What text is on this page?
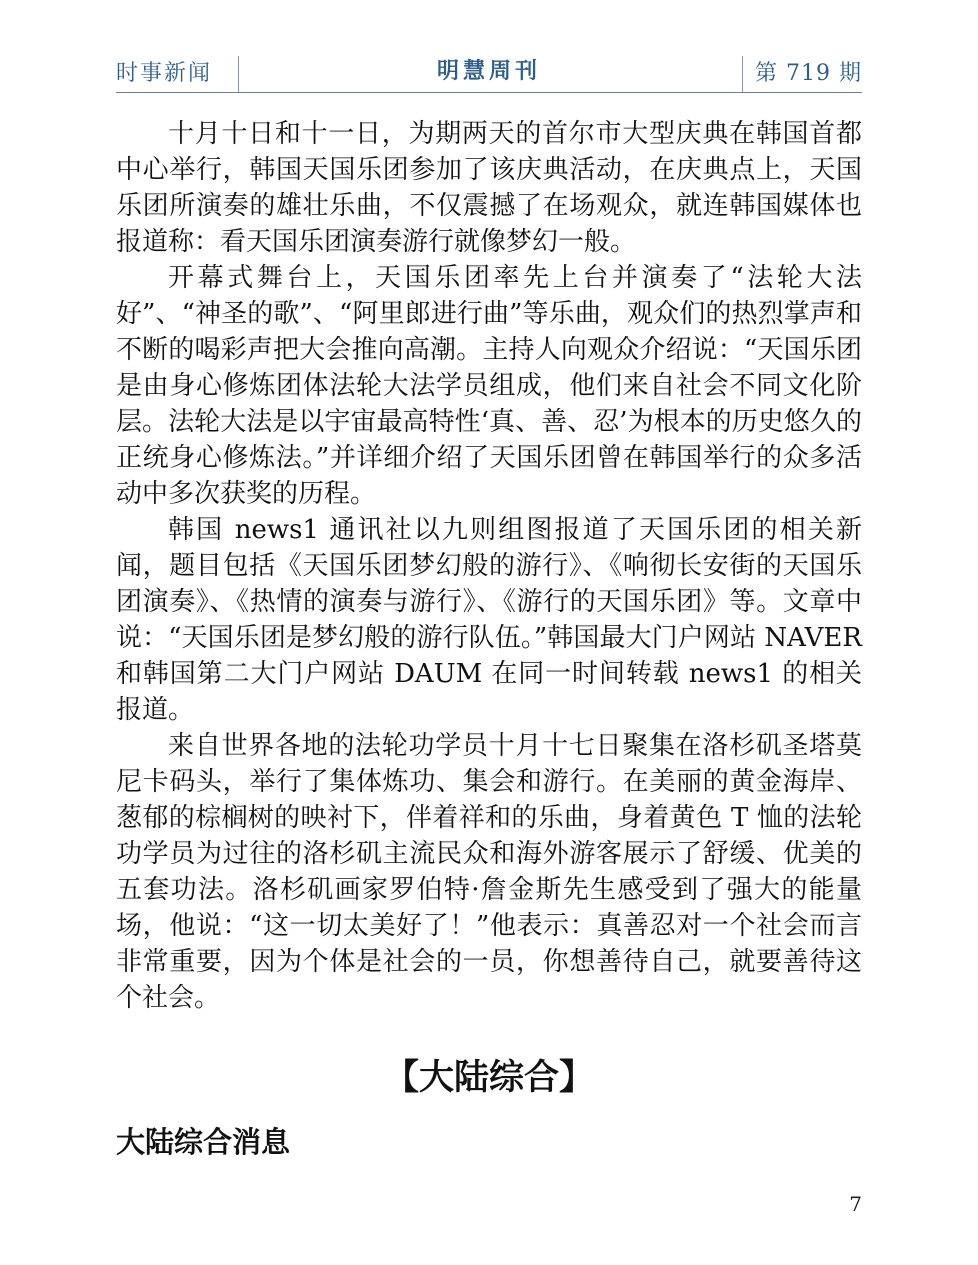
时事新闻	明慧周刊	第 719 期

十月十日和十一日，为期两天的首尔市大型庆典在韩国首都中心举行，韩国天国乐团参加了该庆典活动，在庆典点上，天国乐团所演奏的雄壮乐曲，不仅震撼了在场观众，就连韩国媒体也报道称：看天国乐团演奏游行就像梦幻一般。

开幕式舞台上，天国乐团率先上台并演奏了“法轮大法好”、“神圣的歌”、“阿里郎进行曲”等乐曲，观众们的热烈掌声和不断的喝彩声把大会推向高潮。主持人向观众介绍说：“天国乐团是由身心修炼团体法轮大法学员组成，他们来自社会不同文化阶层。法轮大法是以宇宙最高特性‘真、善、忍’为根本的历史悠久的正统身心修炼法。”并详细介绍了天国乐团曾在韩国举行的众多活动中多次获奖的历程。

韩国 news1 通讯社以九则组图报道了天国乐团的相关新闻，题目包括《天国乐团梦幻般的游行》、《响彻长安街的天国乐团演奏》、《热情的演奏与游行》、《游行的天国乐团》等。文章中说：“天国乐团是梦幻般的游行队伍。”韩国最大门户网站 NAVER 和韩国第二大门户网站 DAUM 在同一时间转载 news1 的相关报道。

来自世界各地的法轮功学员十月十七日聚集在洛杉矶圣塔莫尼卡码头，举行了集体炼功、集会和游行。在美丽的黄金海岸、葱郁的棕榈树的映衬下，伴着祥和的乐曲，身着黄色 T 恤的法轮功学员为过往的洛杉矶主流民众和海外游客展示了舒缓、优美的五套功法。洛杉矶画家罗伯特·詹金斯先生感受到了强大的能量场，他说：“这一切太美好了！”他表示：真善忍对一个社会而言非常重要，因为个体是社会的一员，你想善待自己，就要善待这个社会。

【大陆综合】
大陆综合消息
7
